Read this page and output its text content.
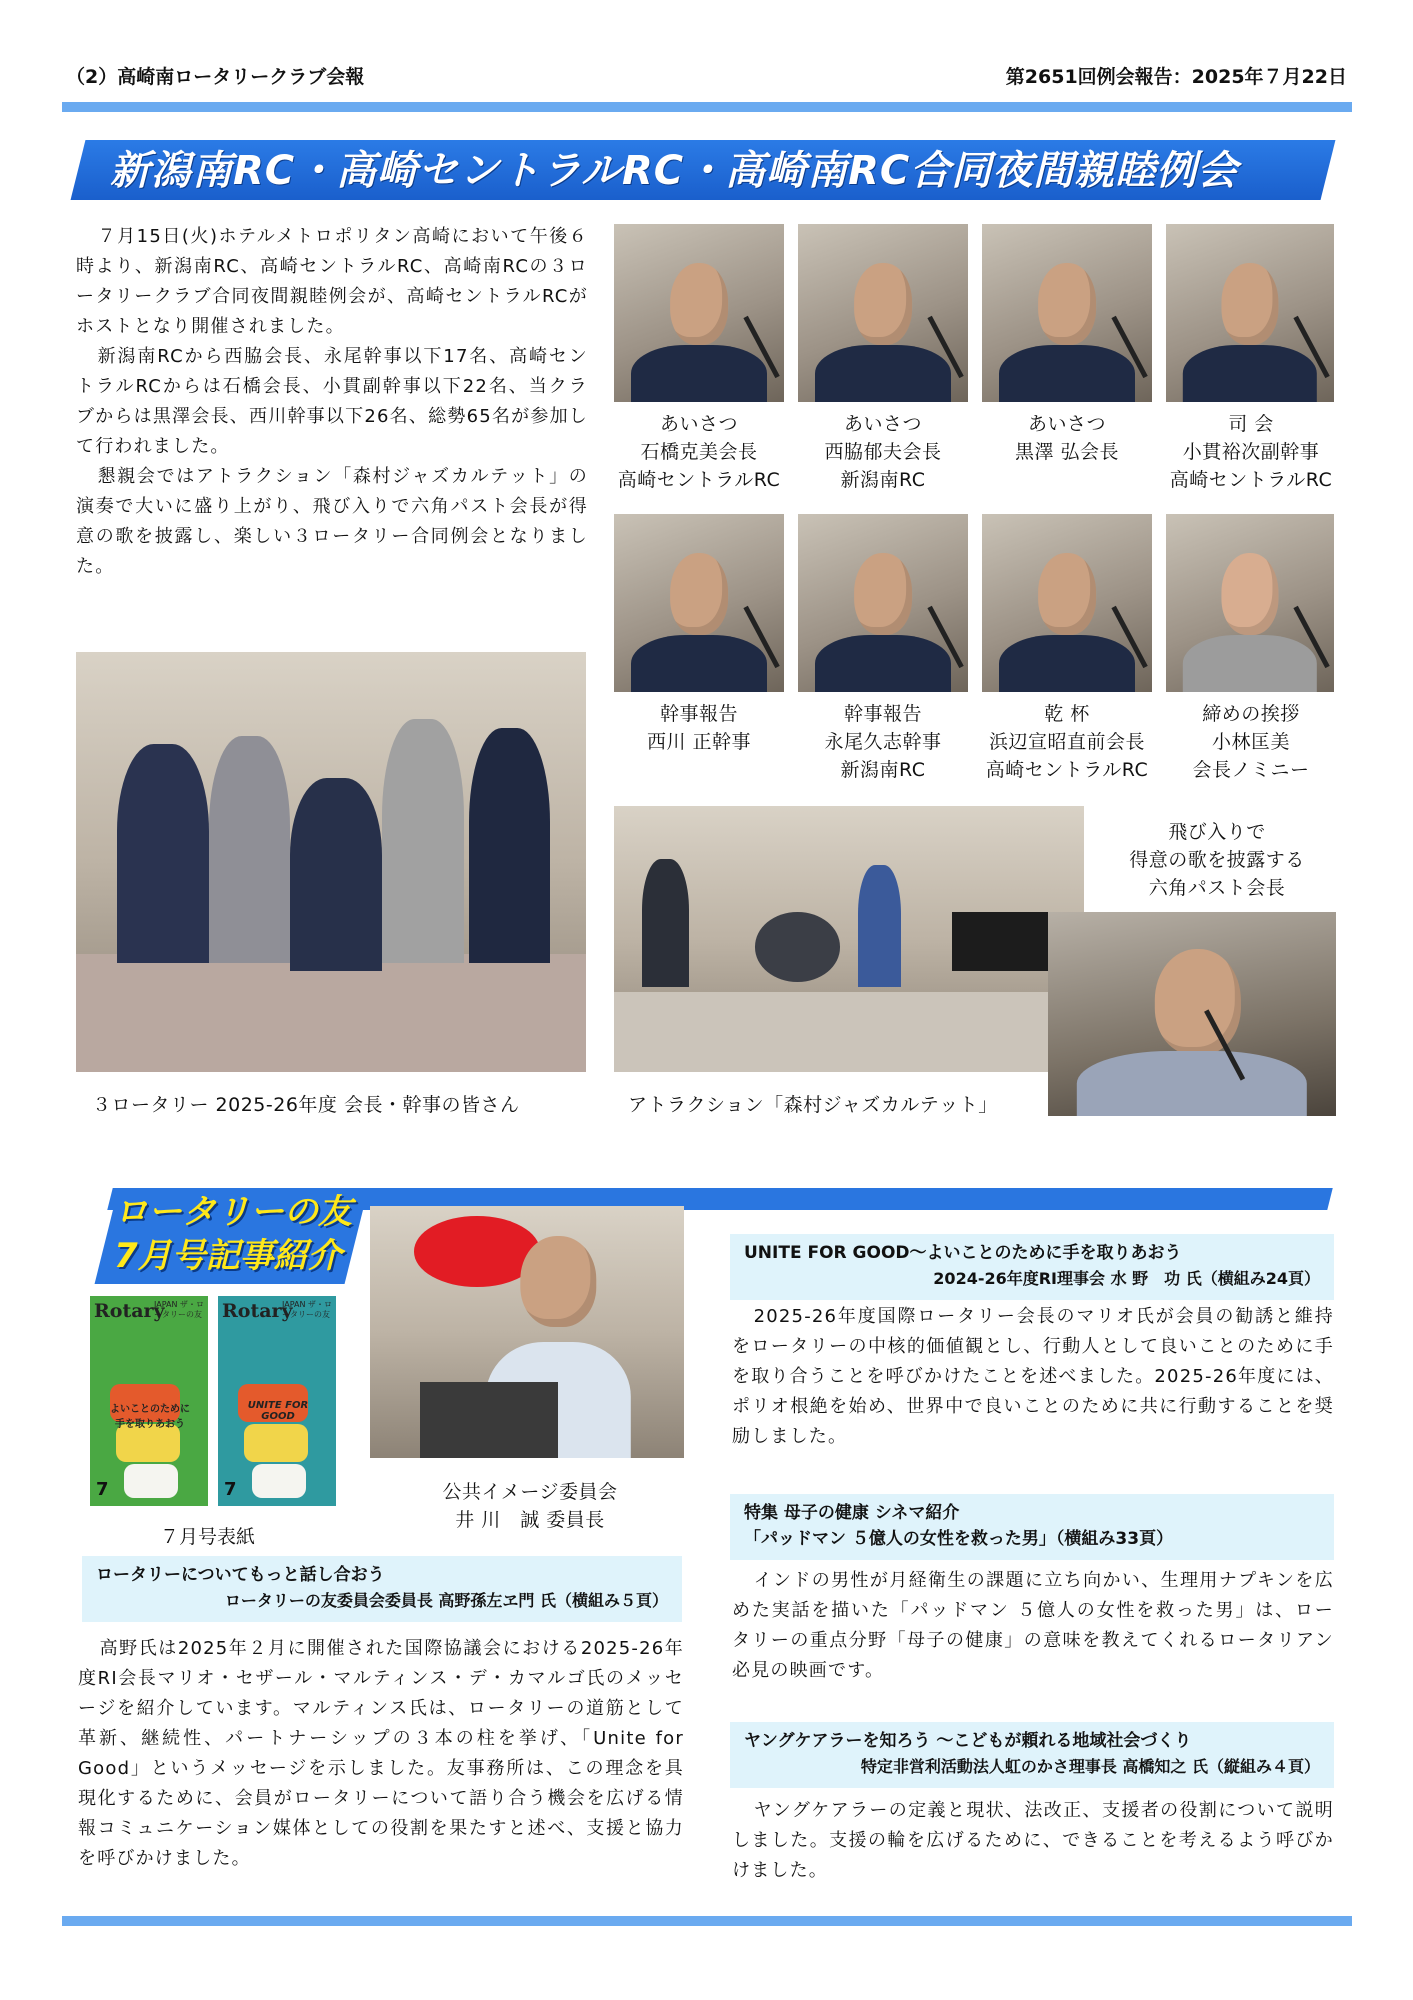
（2）高崎南ロータリークラブ会報	第2651回例会報告：2025年７月22日
新潟南RC・高崎セントラルRC・高崎南RC合同夜間親睦例会

７月15日(火)ホテルメトロポリタン高崎において午後６時より、新潟南RC、高崎セントラルRC、高崎南RCの３ロータリークラブ合同夜間親睦例会が、高崎セントラルRCがホストとなり開催されました。

新潟南RCから西脇会長、永尾幹事以下17名、高崎セントラルRCからは石橋会長、小貫副幹事以下22名、当クラブからは黒澤会長、西川幹事以下26名、総勢65名が参加して行われました。

懇親会ではアトラクション「森村ジャズカルテット」の演奏で大いに盛り上がり、飛び入りで六角パスト会長が得意の歌を披露し、楽しい３ロータリー合同例会となりました。

あいさつ
石橋克美会長
高崎セントラルRC
あいさつ
西脇郁夫会長
新潟南RC
あいさつ
黒澤 弘会長
司 会
小貫裕次副幹事
高崎セントラルRC
幹事報告
西川 正幹事
幹事報告
永尾久志幹事
新潟南RC
乾 杯
浜辺宣昭直前会長
高崎セントラルRC
締めの挨拶
小林匡美
会長ノミニー
３ロータリー 2025-26年度 会長・幹事の皆さん	アトラクション「森村ジャズカルテット」
飛び入りで
得意の歌を披露する
六角パスト会長
ロータリーの友
7月号記事紹介
Rotary
JAPAN ザ・ロータリーの友
よいことのために手を取りあおう
7
Rotary
JAPAN ザ・ロータリーの友
UNITE FOR GOOD
7
７月号表紙
公共イメージ委員会
井 川　誠 委員長
ロータリーについてもっと話し合おう
ロータリーの友委員会委員長 高野孫左ヱ門 氏（横組み５頁）

高野氏は2025年２月に開催された国際協議会における2025-26年度RI会長マリオ・セザール・マルティンス・デ・カマルゴ氏のメッセージを紹介しています。マルティンス氏は、ロータリーの道筋として革新、継続性、パートナーシップの３本の柱を挙げ、「Unite for Good」というメッセージを示しました。友事務所は、この理念を具現化するために、会員がロータリーについて語り合う機会を広げる情報コミュニケーション媒体としての役割を果たすと述べ、支援と協力を呼びかけました。

UNITE FOR GOOD～よいことのために手を取りあおう
2024-26年度RI理事会 水 野　功 氏（横組み24頁）

2025-26年度国際ロータリー会長のマリオ氏が会員の勧誘と維持をロータリーの中核的価値観とし、行動人として良いことのために手を取り合うことを呼びかけたことを述べました。2025-26年度には、ポリオ根絶を始め、世界中で良いことのために共に行動することを奨励しました。

特集 母子の健康 シネマ紹介
「パッドマン ５億人の女性を救った男」（横組み33頁）

インドの男性が月経衛生の課題に立ち向かい、生理用ナプキンを広めた実話を描いた「パッドマン ５億人の女性を救った男」は、ロータリーの重点分野「母子の健康」の意味を教えてくれるロータリアン必見の映画です。

ヤングケアラーを知ろう ～こどもが頼れる地域社会づくり
特定非営利活動法人虹のかさ理事長 高橋知之 氏（縦組み４頁）

ヤングケアラーの定義と現状、法改正、支援者の役割について説明しました。支援の輪を広げるために、できることを考えるよう呼びかけました。
